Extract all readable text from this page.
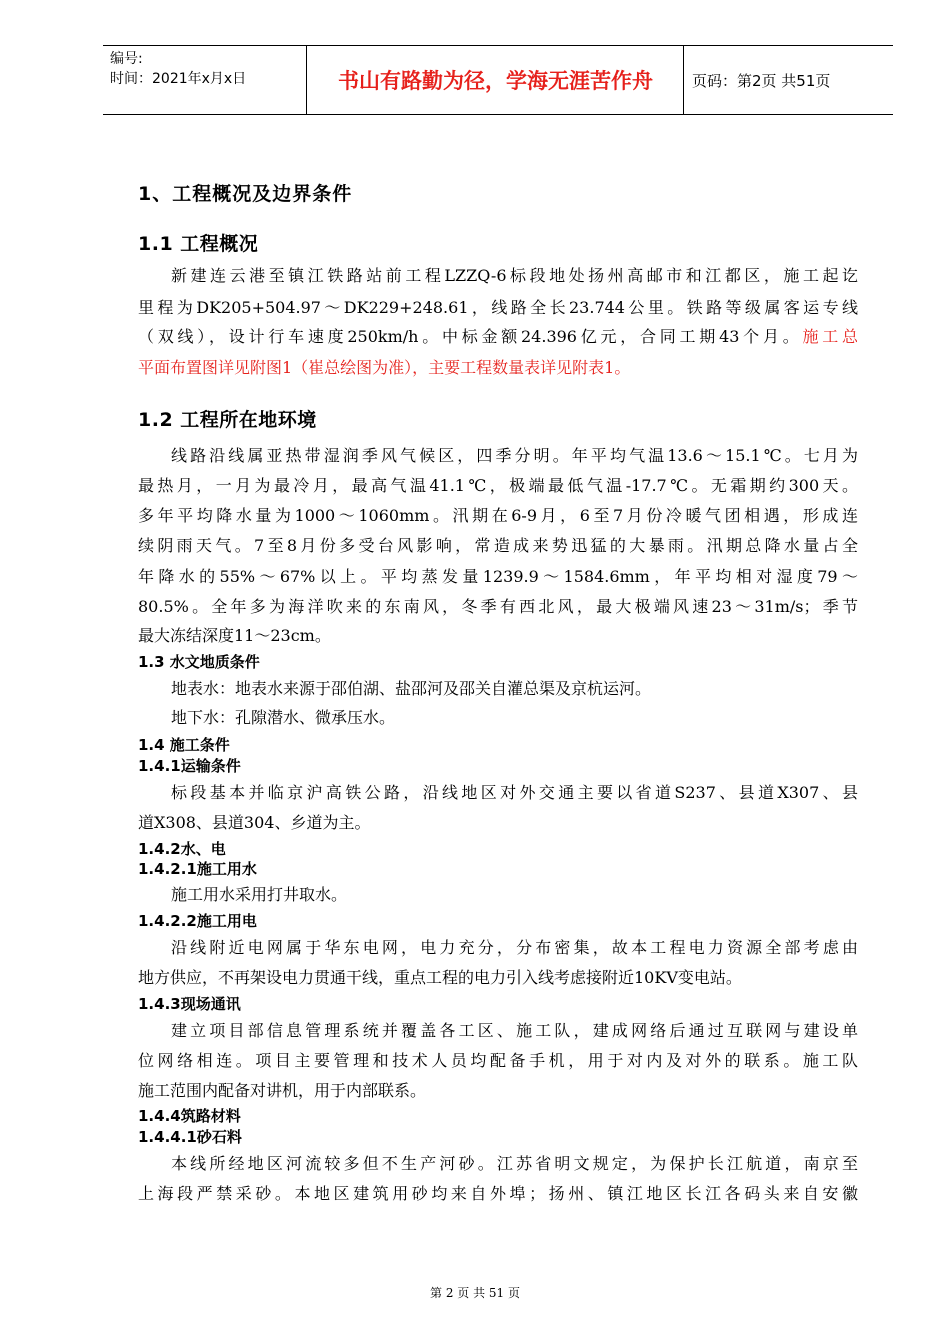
编号:
时间：2021年x月x日	书山有路勤为径，学海无涯苦作舟	页码：第2页 共51页
1、工程概况及边界条件
1.1 工程概况
新建连云港至镇江铁路站前工程LZZQ-6标段地处扬州高邮市和江都区，施工起讫
里程为DK205+504.97～DK229+248.61，线路全长23.744公里。铁路等级属客运专线
（双线），设计行车速度250km/h。中标金额24.396亿元，合同工期43个月。施工总
平面布置图详见附图1（崔总绘图为准），主要工程数量表详见附表1。
1.2 工程所在地环境
线路沿线属亚热带湿润季风气候区，四季分明。年平均气温13.6～15.1℃。七月为
最热月，一月为最冷月，最高气温41.1℃，极端最低气温-17.7℃。无霜期约300天。
多年平均降水量为1000～1060mm。汛期在6-9月，6至7月份冷暖气团相遇，形成连
续阴雨天气。7至8月份多受台风影响，常造成来势迅猛的大暴雨。汛期总降水量占全
年降水的55%～67%以上。平均蒸发量1239.9～1584.6mm，年平均相对湿度79～
80.5%。全年多为海洋吹来的东南风，冬季有西北风，最大极端风速23～31m/s；季节
最大冻结深度11～23cm。
1.3 水文地质条件
地表水：地表水来源于邵伯湖、盐邵河及邵关自灌总渠及京杭运河。
地下水：孔隙潜水、微承压水。
1.4 施工条件
1.4.1运输条件
标段基本并临京沪高铁公路，沿线地区对外交通主要以省道S237、县道X307、县
道X308、县道304、乡道为主。
1.4.2水、电
1.4.2.1施工用水
施工用水采用打井取水。
1.4.2.2施工用电
沿线附近电网属于华东电网，电力充分，分布密集，故本工程电力资源全部考虑由
地方供应，不再架设电力贯通干线，重点工程的电力引入线考虑接附近10KV变电站。
1.4.3现场通讯
建立项目部信息管理系统并覆盖各工区、施工队，建成网络后通过互联网与建设单
位网络相连。项目主要管理和技术人员均配备手机，用于对内及对外的联系。施工队
施工范围内配备对讲机，用于内部联系。
1.4.4筑路材料
1.4.4.1砂石料
本线所经地区河流较多但不生产河砂。江苏省明文规定，为保护长江航道，南京至
上海段严禁采砂。本地区建筑用砂均来自外埠；扬州、镇江地区长江各码头来自安徽
第 2 页 共 51 页
